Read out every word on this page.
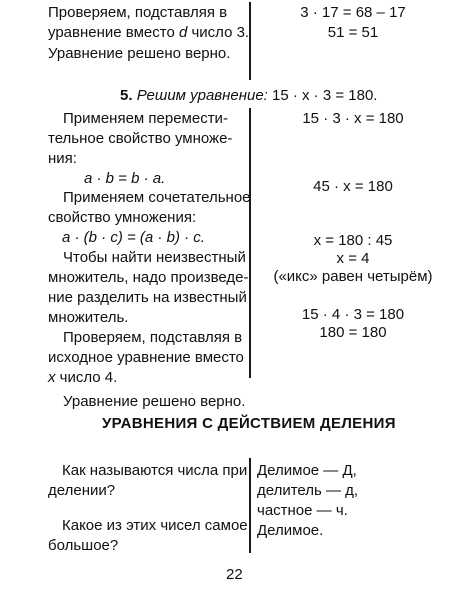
Проверяем, подставляя в
уравнение вместо d число 3.
Уравнение решено верно.
3 · 17 = 68 – 17
51 = 51
5. Решим уравнение: 15 · x · 3 = 180.
Применяем перемести-
тельное свойство умноже-
ния:
a · b = b · a.
Применяем сочетательное
свойство умножения:
a · (b · c) = (a · b) · c.
Чтобы найти неизвестный
множитель, надо произведе-
ние разделить на известный
множитель.
Проверяем, подставляя в
исходное уравнение вместо
x число 4.
Уравнение решено верно.
15 · 3 · x = 180
45 · x = 180
x = 180 : 45
x = 4
(«икс» равен четырём)
15 · 4 · 3 = 180
180 = 180
УРАВНЕНИЯ С ДЕЙСТВИЕМ ДЕЛЕНИЯ
Как называются числа при
делении?
Какое из этих чисел самое
большое?
Делимое — Д,
делитель — д,
частное — ч.
Делимое.
22
